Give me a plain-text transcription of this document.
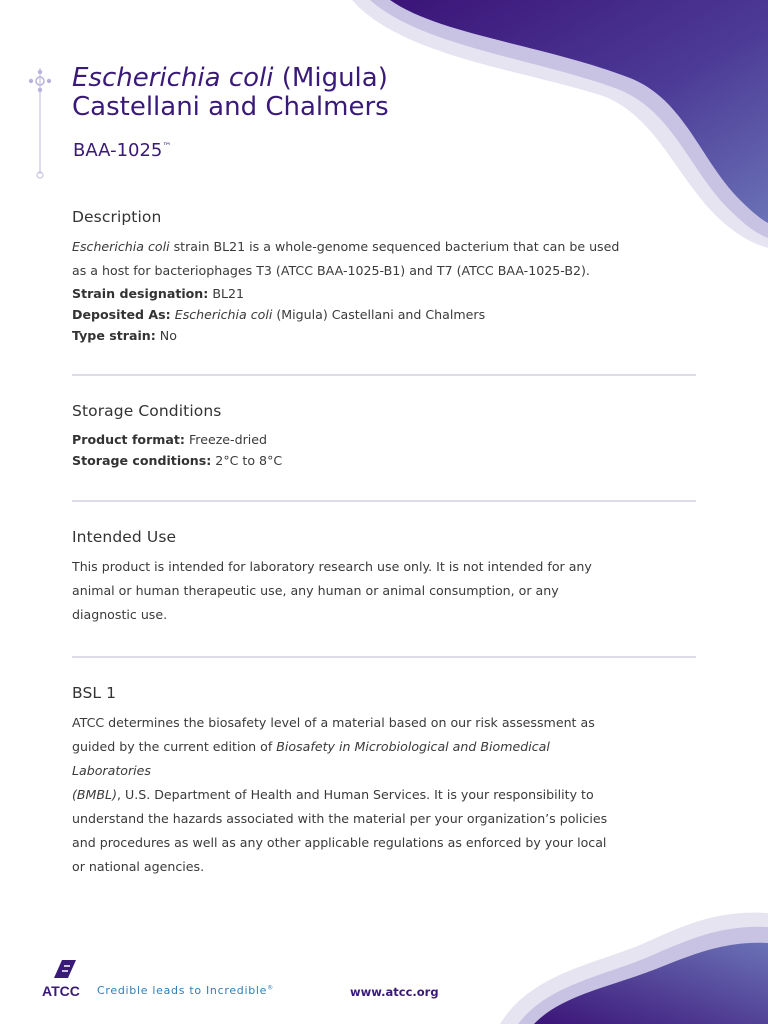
Escherichia coli (Migula)
Castellani and Chalmers
BAA-1025™
Description

Escherichia coli strain BL21 is a whole-genome sequenced bacterium that can be used
as a host for bacteriophages T3 (ATCC BAA-1025-B1) and T7 (ATCC BAA-1025-B2).

Strain designation: BL21
Deposited As: Escherichia coli (Migula) Castellani and Chalmers
Type strain: No
Storage Conditions
Product format: Freeze-dried
Storage conditions: 2°C to 8°C
Intended Use

This product is intended for laboratory research use only. It is not intended for any
animal or human therapeutic use, any human or animal consumption, or any
diagnostic use.

BSL 1

ATCC determines the biosafety level of a material based on our risk assessment as
guided by the current edition of Biosafety in Microbiological and Biomedical Laboratories
(BMBL), U.S. Department of Health and Human Services. It is your responsibility to
understand the hazards associated with the material per your organization’s policies
and procedures as well as any other applicable regulations as enforced by your local
or national agencies.

ATCC Credible leads to Incredible®	www.atcc.org
